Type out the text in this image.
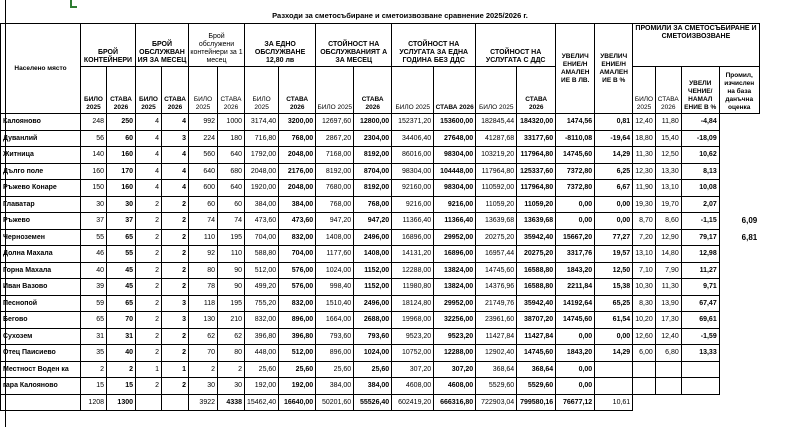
Разходи за сметосъбиране и сметоизвозване сравнение 2025/2026 г.
Населено място	БРОЙ КОНТЕЙНЕРИ		БРОЙ ОБСЛУЖВАН ИЯ ЗА МЕСЕЦ		Брой обслужени контейнери за 1 месец		ЗА ЕДНО ОБСЛУЖВАНЕ 12,80 лв		СТОЙНОСТ НА ОБСЛУЖВАНИЯТ А ЗА МЕСЕЦ		СТОЙНОСТ НА УСЛУГАТА ЗА ЕДНА ГОДИНА БЕЗ ДДС		СТОЙНОСТ НА УСЛУГАТА С ДДС		УВЕЛИЧ ЕНИЕ/Н АМАЛЕН ИЕ В ЛВ.	УВЕЛИЧ ЕНИЕ/Н АМАЛЕН ИЕ В %	ПРОМИЛИ ЗА СМЕТОСЪБИРАНЕ И СМЕТОИЗВОЗВАНЕ			
	БИЛО 2025	СТАВА 2026	БИЛО 2025	СТАВА 2026	БИЛО 2025	СТАВА 2026	БИЛО 2025	СТАВА 2026	БИЛО 2025	СТАВА 2026	БИЛО 2025	СТАВА 2026	БИЛО 2025	СТАВА 2026			БИЛО 2025	СТАВА 2026	УВЕЛИ ЧЕНИЕ/ НАМАЛ ЕНИЕ В %	Промил, изчислен на база данъчна оценка
Калояново	248	250	4	4	992	1000	3174,40	3200,00	12697,60	12800,00	152371,20	153600,00	182845,44	184320,00	1474,56	0,81	12,40	11,80	-4,84	
Дуванлий	56	60	4	3	224	180	716,80	768,00	2867,20	2304,00	34406,40	27648,00	41287,68	33177,60	-8110,08	-19,64	18,80	15,40	-18,09	
Житница	140	160	4	4	560	640	1792,00	2048,00	7168,00	8192,00	86016,00	98304,00	103219,20	117964,80	14745,60	14,29	11,30	12,50	10,62	
Дълго поле	160	170	4	4	640	680	2048,00	2176,00	8192,00	8704,00	98304,00	104448,00	117964,80	125337,60	7372,80	6,25	12,30	13,30	8,13	
Ръжево Конаре	150	160	4	4	600	640	1920,00	2048,00	7680,00	8192,00	92160,00	98304,00	110592,00	117964,80	7372,80	6,67	11,90	13,10	10,08	
Главатар	30	30	2	2	60	60	384,00	384,00	768,00	768,00	9216,00	9216,00	11059,20	11059,20	0,00	0,00	19,30	19,70	2,07	
Ръжево	37	37	2	2	74	74	473,60	473,60	947,20	947,20	11366,40	11366,40	13639,68	13639,68	0,00	0,00	8,70	8,60	-1,15	6,09
Черноземен	55	65	2	2	110	195	704,00	832,00	1408,00	2496,00	16896,00	29952,00	20275,20	35942,40	15667,20	77,27	7,20	12,90	79,17	6,81
Долна Махала	46	55	2	2	92	110	588,80	704,00	1177,60	1408,00	14131,20	16896,00	16957,44	20275,20	3317,76	19,57	13,10	14,80	12,98	
Горна Махала	40	45	2	2	80	90	512,00	576,00	1024,00	1152,00	12288,00	13824,00	14745,60	16588,80	1843,20	12,50	7,10	7,90	11,27	
Иван Вазово	39	45	2	2	78	90	499,20	576,00	998,40	1152,00	11980,80	13824,00	14376,96	16588,80	2211,84	15,38	10,30	11,30	9,71	
Песнопой	59	65	2	3	118	195	755,20	832,00	1510,40	2496,00	18124,80	29952,00	21749,76	35942,40	14192,64	65,25	8,30	13,90	67,47	
Бегово	65	70	2	3	130	210	832,00	896,00	1664,00	2688,00	19968,00	32256,00	23961,60	38707,20	14745,60	61,54	10,20	17,30	69,61	
Сухозем	31	31	2	2	62	62	396,80	396,80	793,60	793,60	9523,20	9523,20	11427,84	11427,84	0,00	0,00	12,60	12,40	-1,59	
Отец Паисиево	35	40	2	2	70	80	448,00	512,00	896,00	1024,00	10752,00	12288,00	12902,40	14745,60	1843,20	14,29	6,00	6,80	13,33	
Местност Воден ка	2	2	1	1	2	2	25,60	25,60	25,60	25,60	307,20	307,20	368,64	368,64	0,00					
гара Калояново	15	15	2	2	30	30	192,00	192,00	384,00	384,00	4608,00	4608,00	5529,60	5529,60	0,00					
	1208	1300			3922	4338	15462,40	16640,00	50201,60	55526,40	602419,20	666316,80	722903,04	799580,16	76677,12	10,61				
